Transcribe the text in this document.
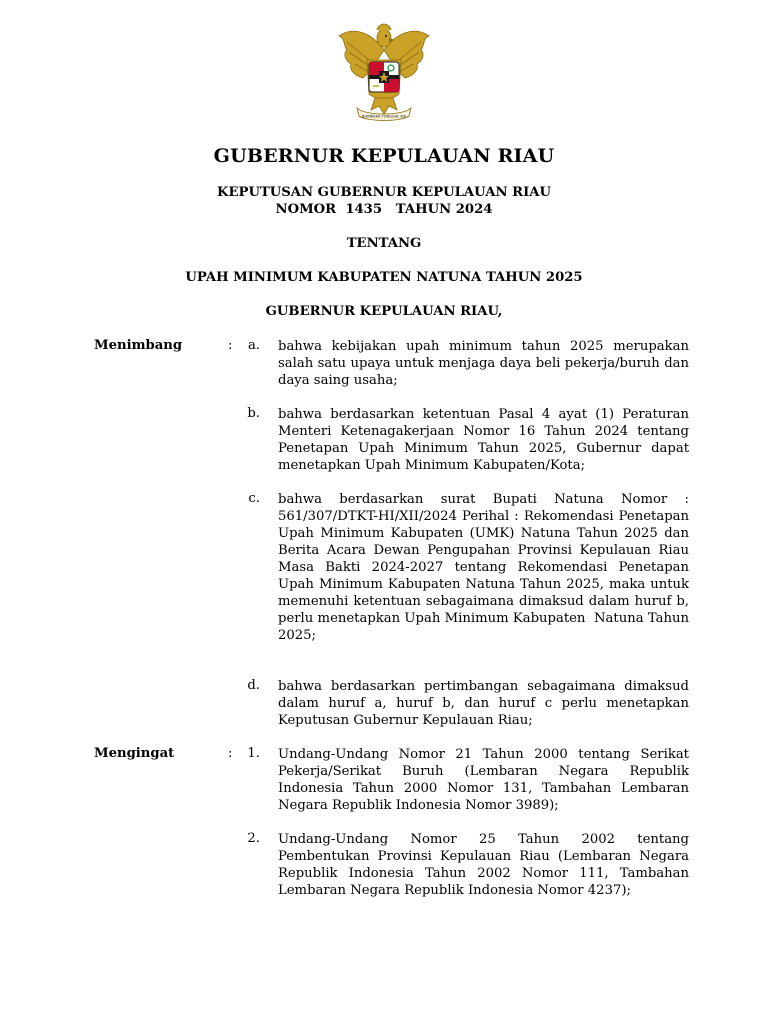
BHINNEKA TUNGGAL IKA
GUBERNUR KEPULAUAN RIAU
KEPUTUSAN GUBERNUR KEPULAUAN RIAU
NOMOR  1435   TAHUN 2024
TENTANG
UPAH MINIMUM KABUPATEN NATUNA TAHUN 2025
GUBERNUR KEPULAUAN RIAU,
Menimbang	:	a. bahwa kebijakan upah minimum tahun 2025 merupakan salah satu upaya untuk menjaga daya beli pekerja/buruh dan daya saing usaha;
b. bahwa berdasarkan ketentuan Pasal 4 ayat (1) Peraturan Menteri Ketenagakerjaan Nomor 16 Tahun 2024 tentang Penetapan Upah Minimum Tahun 2025, Gubernur dapat menetapkan Upah Minimum Kabupaten/Kota;
c. bahwa berdasarkan surat Bupati Natuna Nomor : 561/307/DTKT-HI/XII/2024 Perihal : Rekomendasi Penetapan Upah Minimum Kabupaten (UMK) Natuna Tahun 2025 dan Berita Acara Dewan Pengupahan Provinsi Kepulauan Riau Masa Bakti 2024-2027 tentang Rekomendasi Penetapan Upah Minimum Kabupaten Natuna Tahun 2025, maka untuk memenuhi ketentuan sebagaimana dimaksud dalam huruf b, perlu menetapkan Upah Minimum Kabupaten  Natuna Tahun 2025;
d. bahwa berdasarkan pertimbangan sebagaimana dimaksud dalam huruf a, huruf b, dan huruf c perlu menetapkan Keputusan Gubernur Kepulauan Riau;
Mengingat	:	1. Undang-Undang Nomor 21 Tahun 2000 tentang Serikat Pekerja/Serikat Buruh (Lembaran Negara Republik Indonesia Tahun 2000 Nomor 131, Tambahan Lembaran Negara Republik Indonesia Nomor 3989);
2. Undang-Undang Nomor 25 Tahun 2002 tentang Pembentukan Provinsi Kepulauan Riau (Lembaran Negara Republik Indonesia Tahun 2002 Nomor 111, Tambahan Lembaran Negara Republik Indonesia Nomor 4237);
